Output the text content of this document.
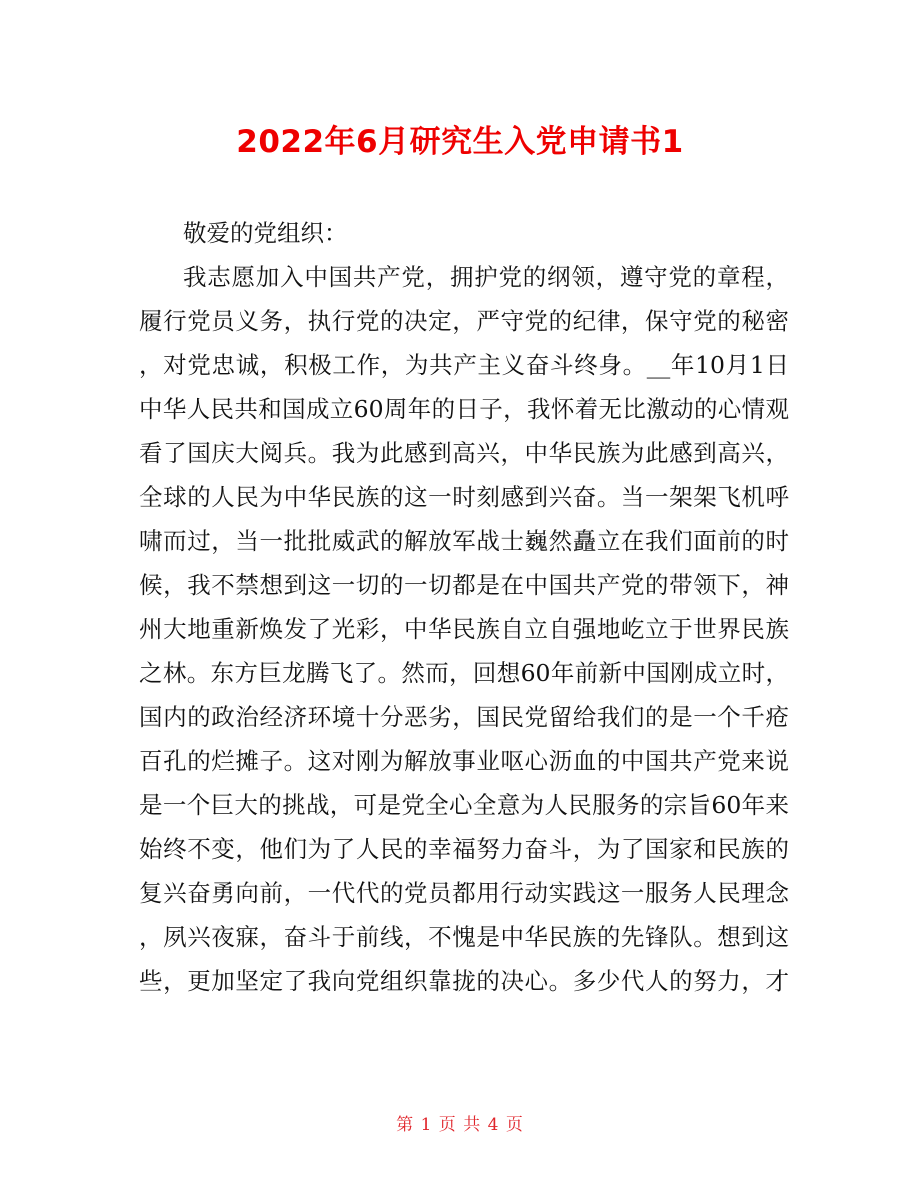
2022年6月研究生入党申请书1
敬爱的党组织：
我志愿加入中国共产党，拥护党的纲领，遵守党的章程，
履行党员义务，执行党的决定，严守党的纪律，保守党的秘密
，对党忠诚，积极工作，为共产主义奋斗终身。__年10月1日
中华人民共和国成立60周年的日子，我怀着无比激动的心情观
看了国庆大阅兵。我为此感到高兴，中华民族为此感到高兴，
全球的人民为中华民族的这一时刻感到兴奋。当一架架飞机呼
啸而过，当一批批威武的解放军战士巍然矗立在我们面前的时
候，我不禁想到这一切的一切都是在中国共产党的带领下，神
州大地重新焕发了光彩，中华民族自立自强地屹立于世界民族
之林。东方巨龙腾飞了。然而，回想60年前新中国刚成立时，
国内的政治经济环境十分恶劣，国民党留给我们的是一个千疮
百孔的烂摊子。这对刚为解放事业呕心沥血的中国共产党来说
是一个巨大的挑战，可是党全心全意为人民服务的宗旨60年来
始终不变，他们为了人民的幸福努力奋斗，为了国家和民族的
复兴奋勇向前，一代代的党员都用行动实践这一服务人民理念
，夙兴夜寐，奋斗于前线，不愧是中华民族的先锋队。想到这
些，更加坚定了我向党组织靠拢的决心。多少代人的努力，才
第 1 页 共 4 页
